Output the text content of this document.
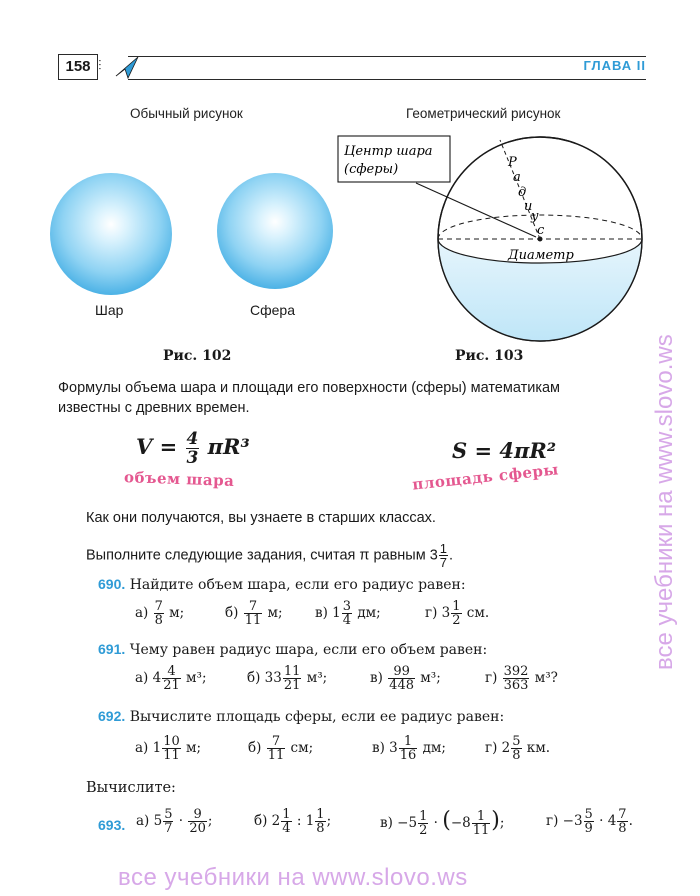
158 ⫶	ГЛАВА II
Обычный рисунок	Геометрический рисунок
Шар	Сфера
Центр шара
(сферы)	Р
а
д
и
у
с
Диаметр
Рис. 102	Рис. 103
Формулы объема шара и площади его поверхности (сферы) математикам
известны с древних времен.
$V = \frac{4}{3} \pi R^3$
объем шара
S = 4πR²
площадь сферы
Как они получаются, вы узнаете в старших классах.
Выполните следующие задания, считая π равным $3 \frac{1}{7}$ .
690. Найдите объем шара, если его радиус равен:
$а) \frac{7}{8} м$;	$б) \frac{7}{11} м$; в) $1 \frac{3}{4}$ дм;	г) $3 \frac{1}{2}$ см.
691. Чему равен радиус шара, если его объем равен:
а) $4 \frac{4}{21} м^3$;	б) $33 \frac{11}{21} м^3$;	$в) \frac{99}{448} м^3$;	$г) \frac{392}{363} м^3$?
692. Вычислите площадь сферы, если ее радиус равен:
а) $1 \frac{10}{11} м$;	$б) \frac{7}{11}$ см;	в) $3 \frac{1}{16}$ дм;	г) $2 \frac{5}{8}$ км.
Вычислите:
693. а) $5 \frac{5}{7} \cdot \frac{9}{20}$ ;	б) $2 \frac{1}{4}$ : $1 \frac{1}{8}$ ;	$в) -5 \frac{1}{2} \cdot (-8 \frac{1}{11}$ );	$г) -3 \frac{5}{9} \cdot 4 \frac{7}{8}$ .
все учебники на www.slovo.ws
все учебники на www.slovo.ws
